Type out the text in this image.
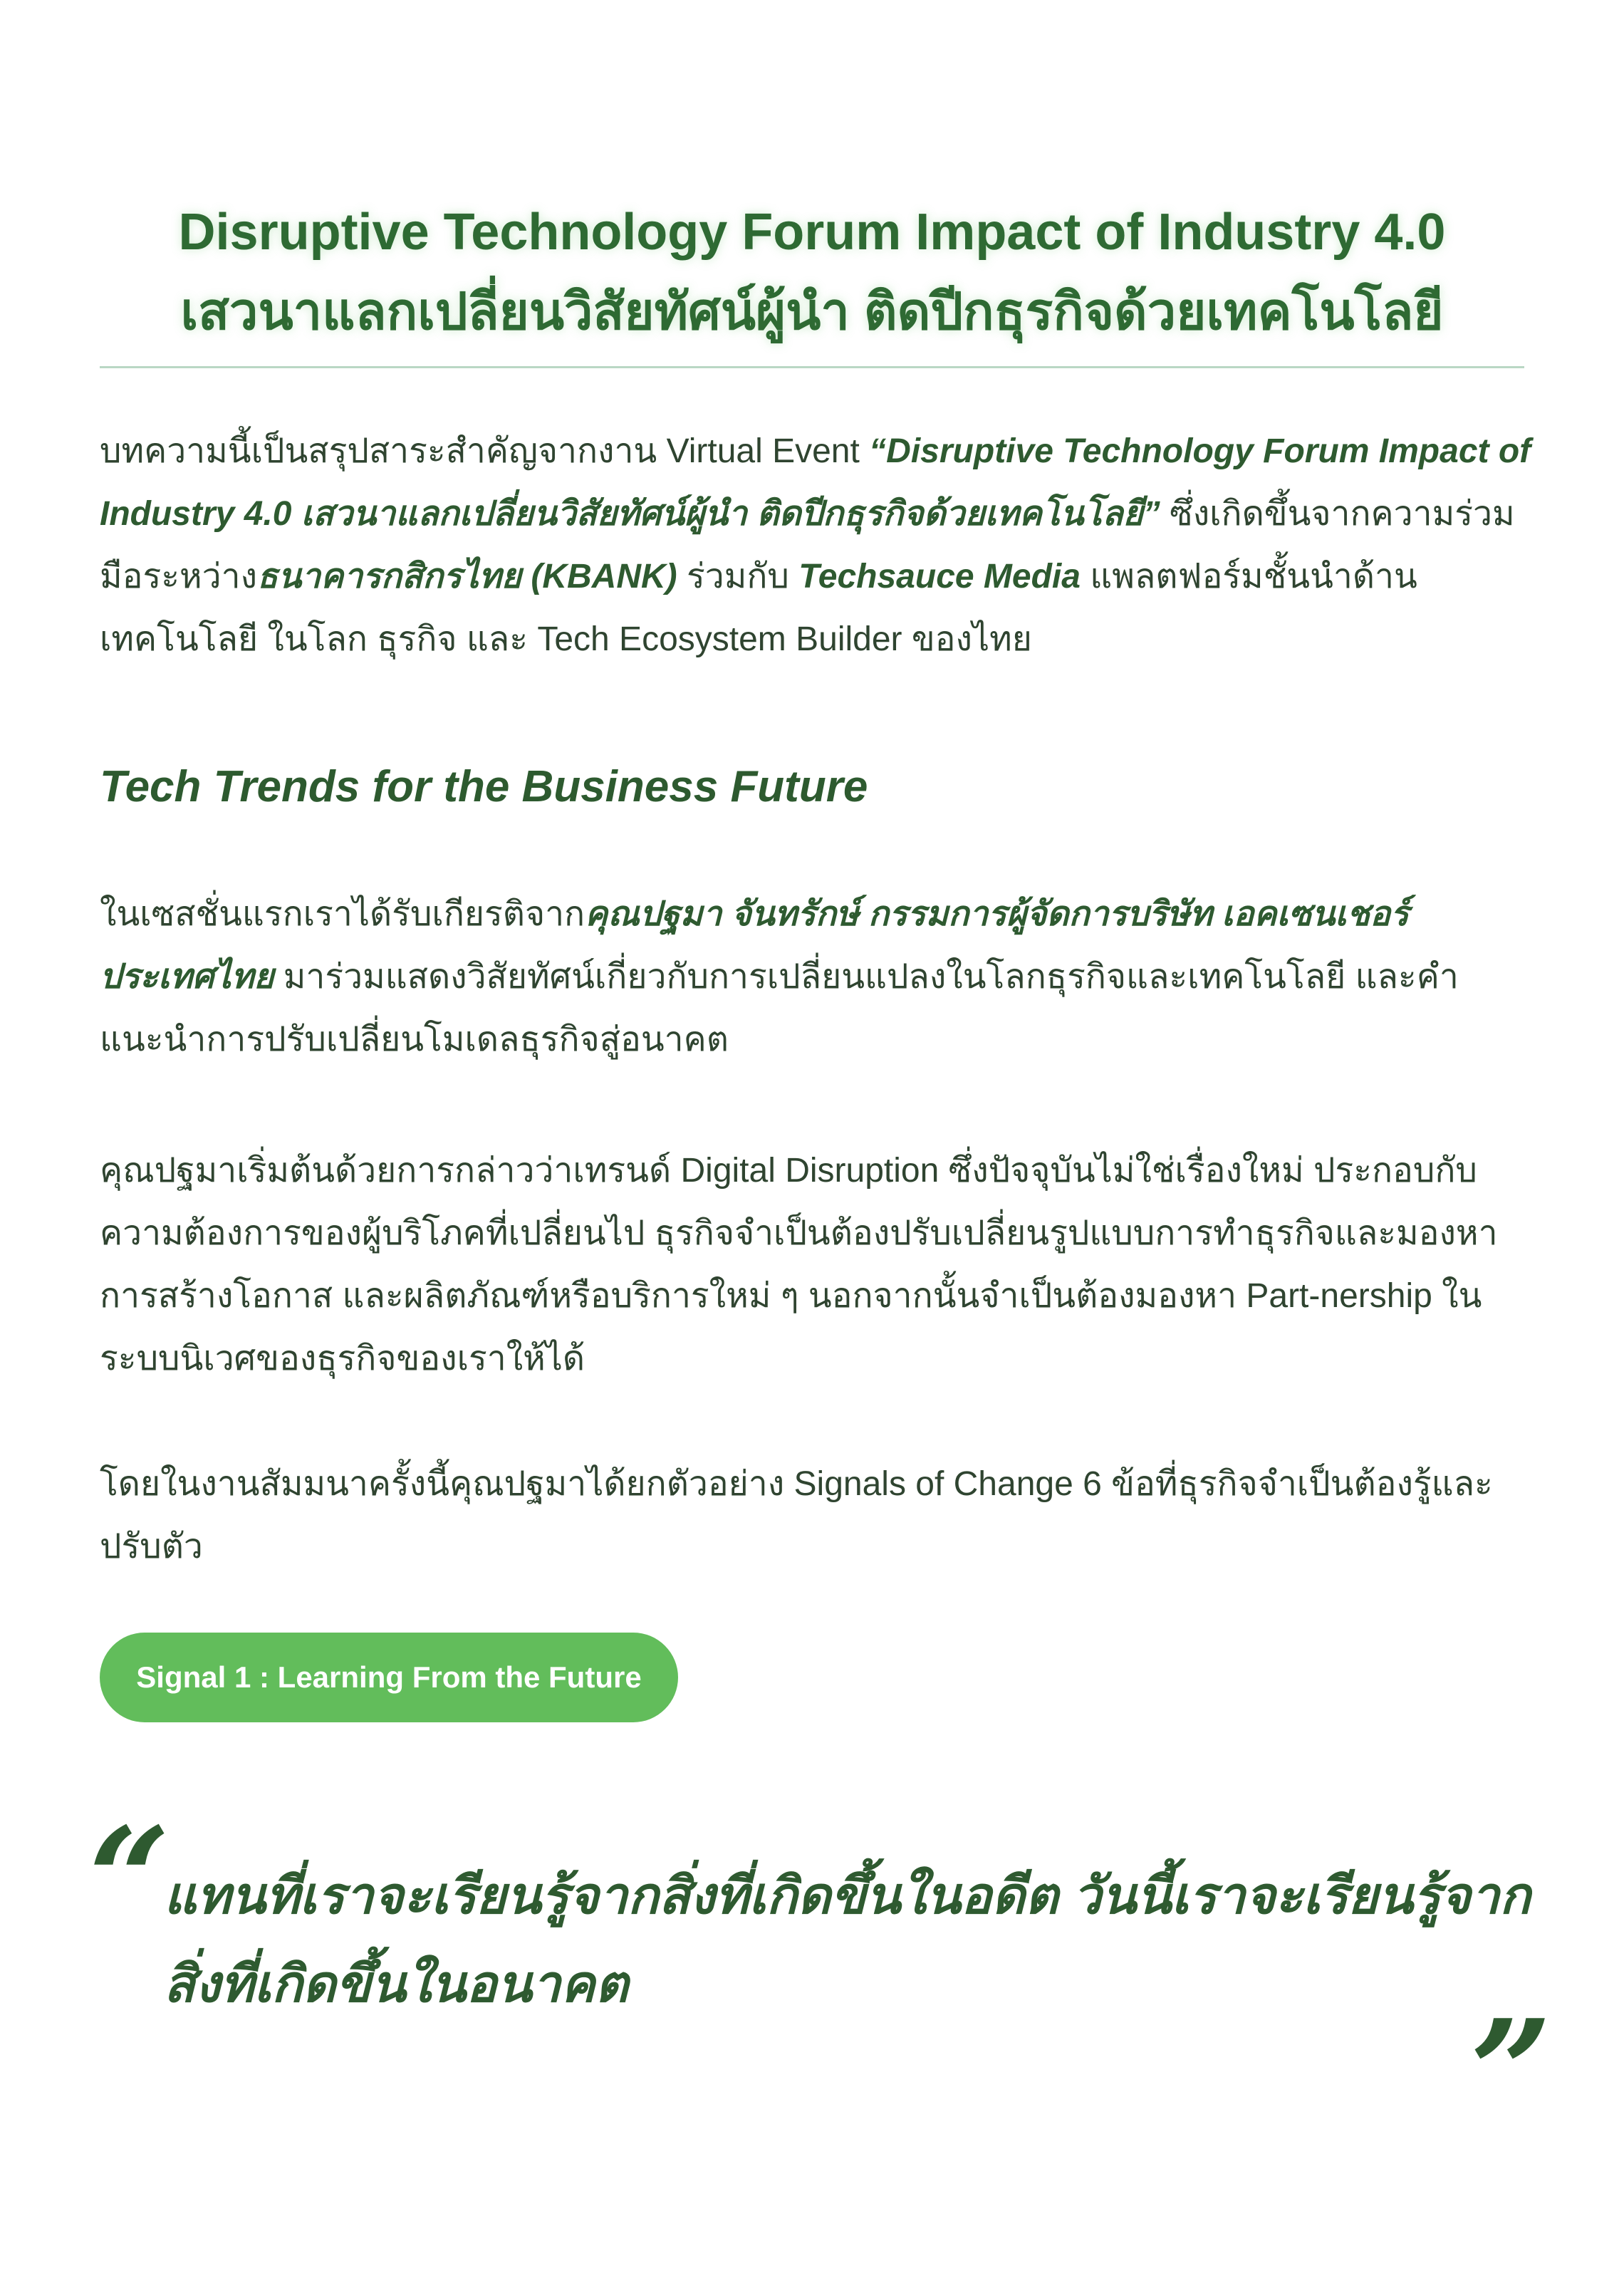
Disruptive Technology Forum Impact of Industry 4.0
เสวนาแลกเปลี่ยนวิสัยทัศน์ผู้นำ ติดปีกธุรกิจด้วยเทคโนโลยี
บทความนี้เป็นสรุปสาระสำคัญจากงาน Virtual Event “Disruptive Technology Forum Impact of Industry 4.0 เสวนาแลกเปลี่ยนวิสัยทัศน์ผู้นำ ติดปีกธุรกิจด้วยเทคโนโลยี” ซึ่งเกิดขึ้นจากความร่วมมือระหว่างธนาคารกสิกรไทย (KBANK) ร่วมกับ Techsauce Media แพลตฟอร์มชั้นนำด้านเทคโนโลยี ในโลก ธุรกิจ และ Tech Ecosystem Builder ของไทย
Tech Trends for the Business Future
ในเซสชั่นแรกเราได้รับเกียรติจากคุณปฐมา จันทรักษ์ กรรมการผู้จัดการบริษัท เอคเซนเชอร์ ประเทศไทย มาร่วมแสดงวิสัยทัศน์เกี่ยวกับการเปลี่ยนแปลงในโลกธุรกิจและเทคโนโลยี และคำแนะนำการปรับเปลี่ยนโมเดลธุรกิจสู่อนาคต
คุณปฐมาเริ่มต้นด้วยการกล่าวว่าเทรนด์ Digital Disruption ซึ่งปัจจุบันไม่ใช่เรื่องใหม่ ประกอบกับความต้องการของผู้บริโภคที่เปลี่ยนไป ธุรกิจจำเป็นต้องปรับเปลี่ยนรูปแบบการทำธุรกิจและมองหาการสร้างโอกาส และผลิตภัณฑ์หรือบริการใหม่ ๆ นอกจากนั้นจำเป็นต้องมองหา Part-nership ในระบบนิเวศของธุรกิจของเราให้ได้
โดยในงานสัมมนาครั้งนี้คุณปฐมาได้ยกตัวอย่าง Signals of Change 6 ข้อที่ธุรกิจจำเป็นต้องรู้และปรับตัว
Signal 1 : Learning From the Future
“
แทนที่เราจะเรียนรู้จากสิ่งที่เกิดขึ้นในอดีต วันนี้เราจะเรียนรู้จากสิ่งที่เกิดขึ้นในอนาคต
”
